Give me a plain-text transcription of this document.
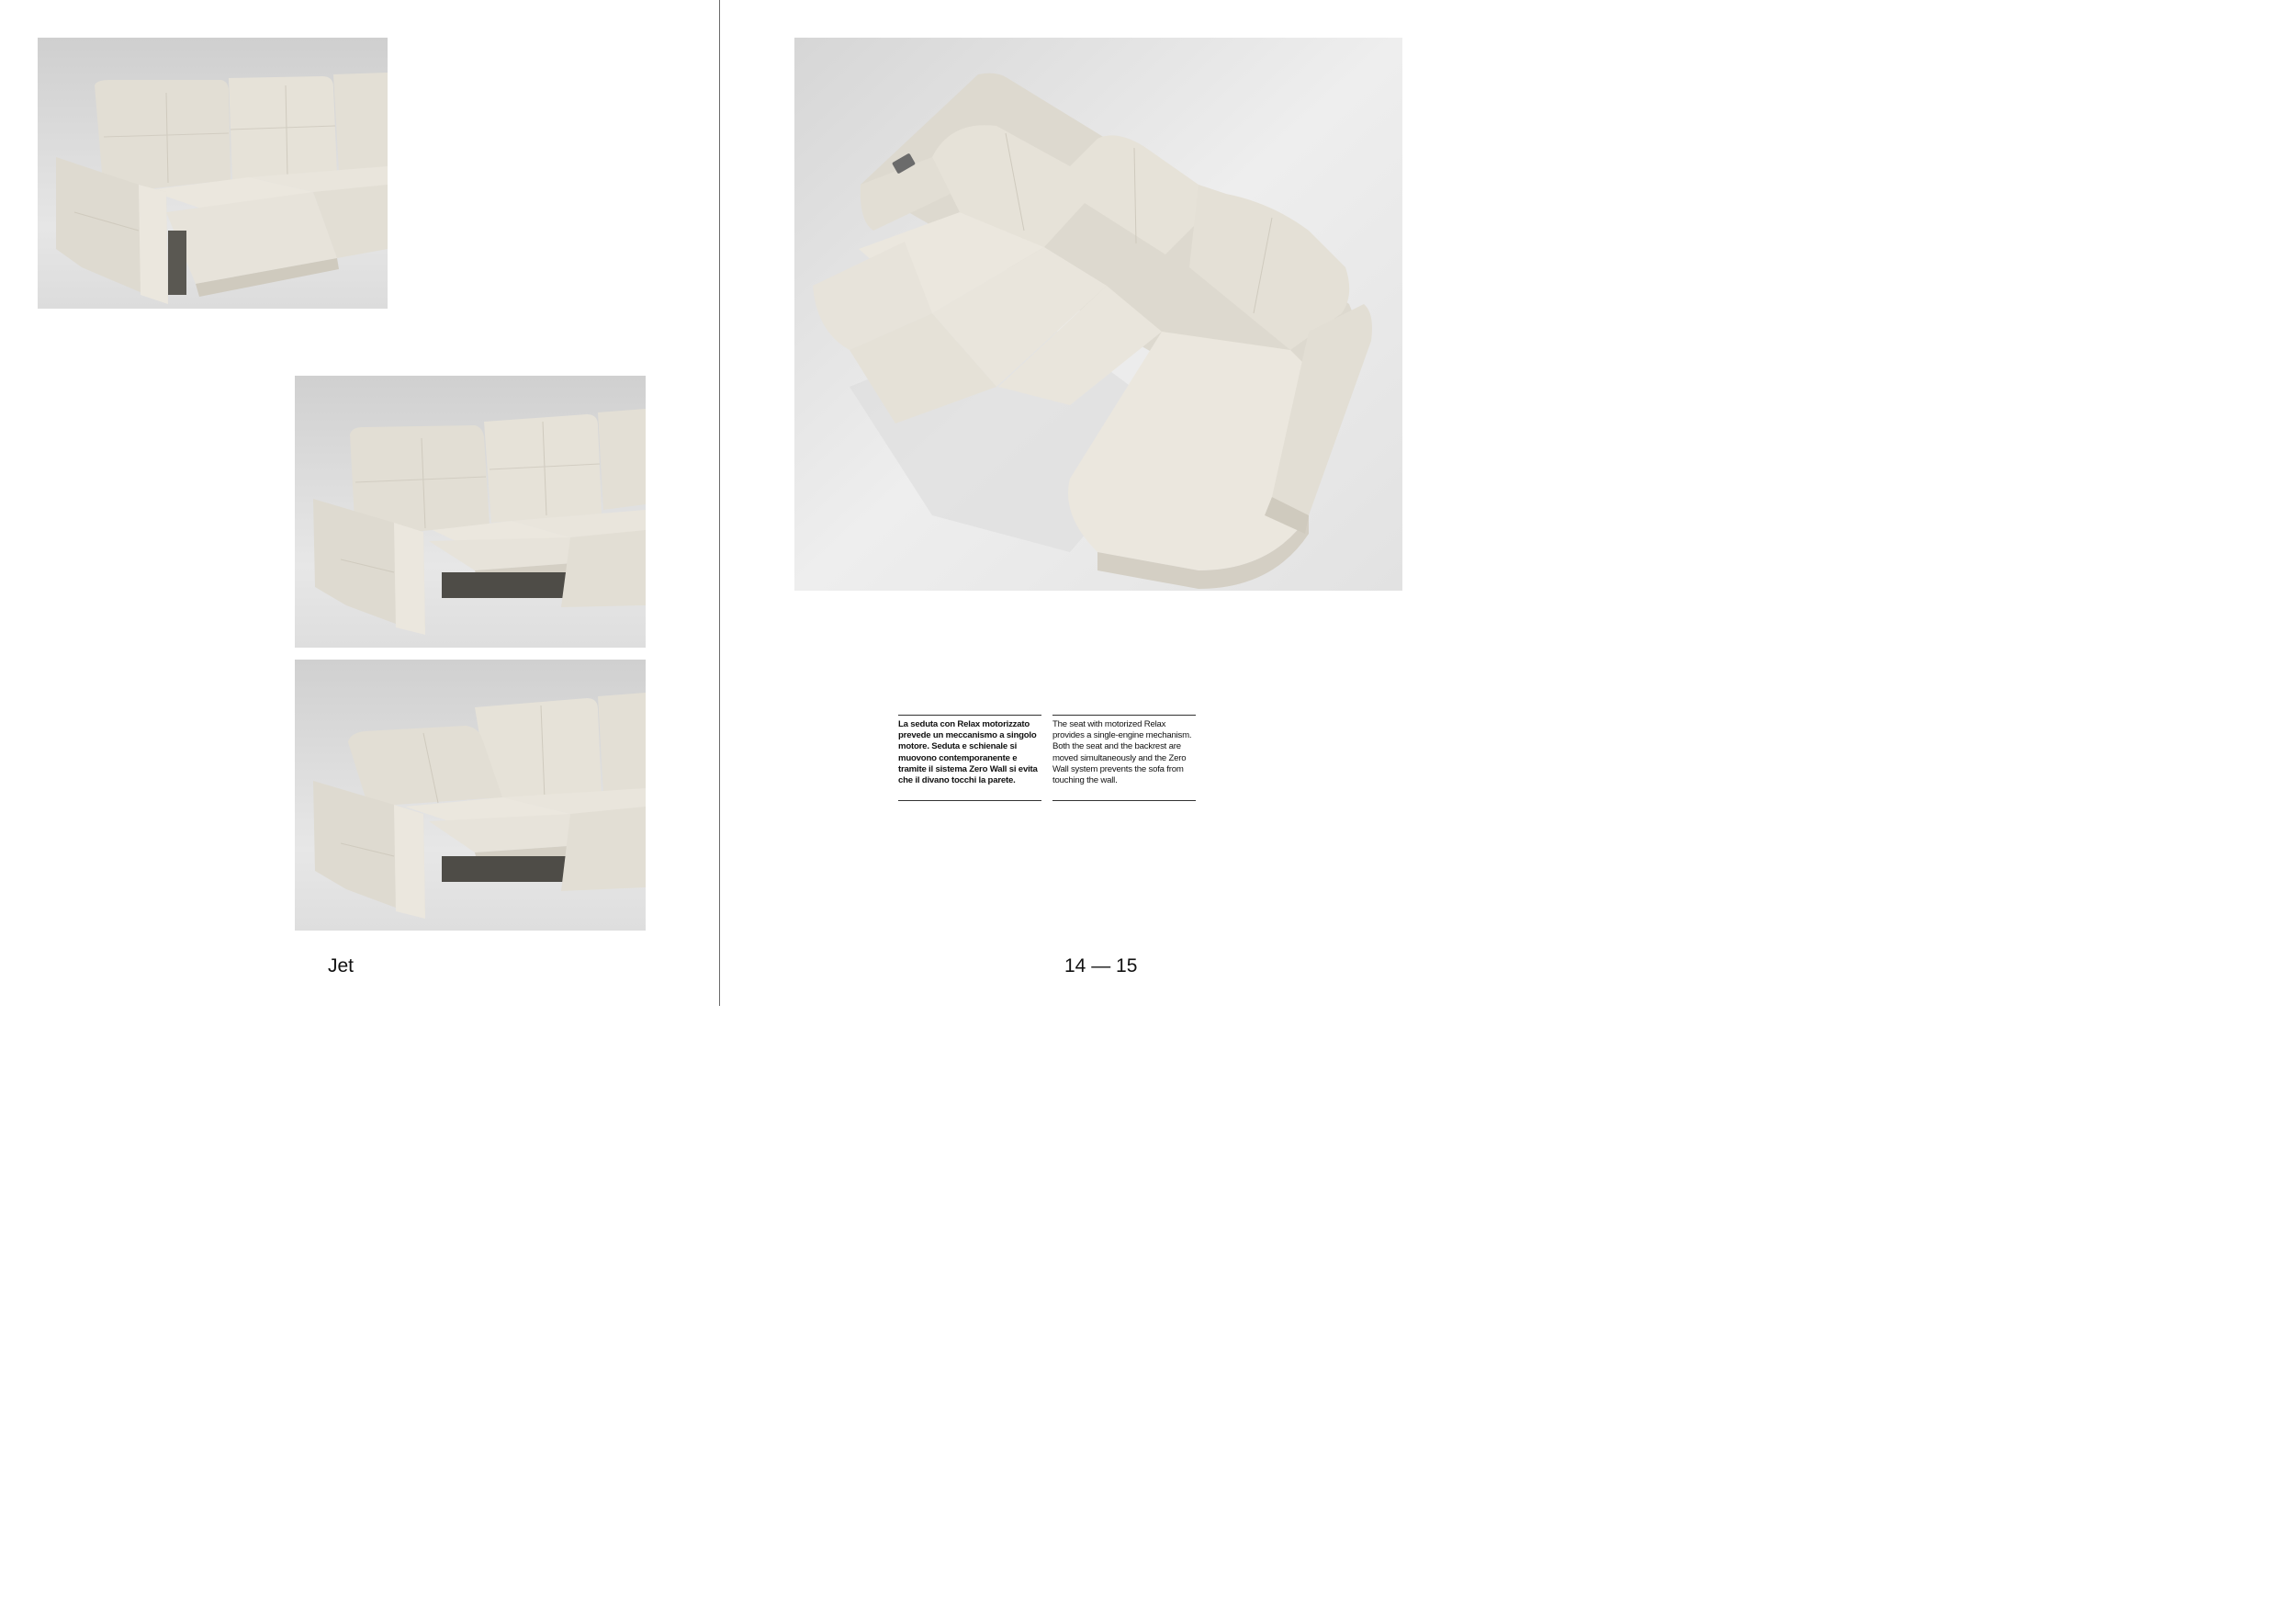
La seduta con Relax motorizzato prevede un meccanismo a singolo motore. Seduta e schienale si muovono contemporanente e tramite il sistema Zero Wall si evita che il divano tocchi la parete.
The seat with motorized Relax provides a single-engine mechanism. Both the seat and the backrest are moved simultaneously and the Zero Wall system prevents the sofa from touching the wall.
Jet	14 — 15
